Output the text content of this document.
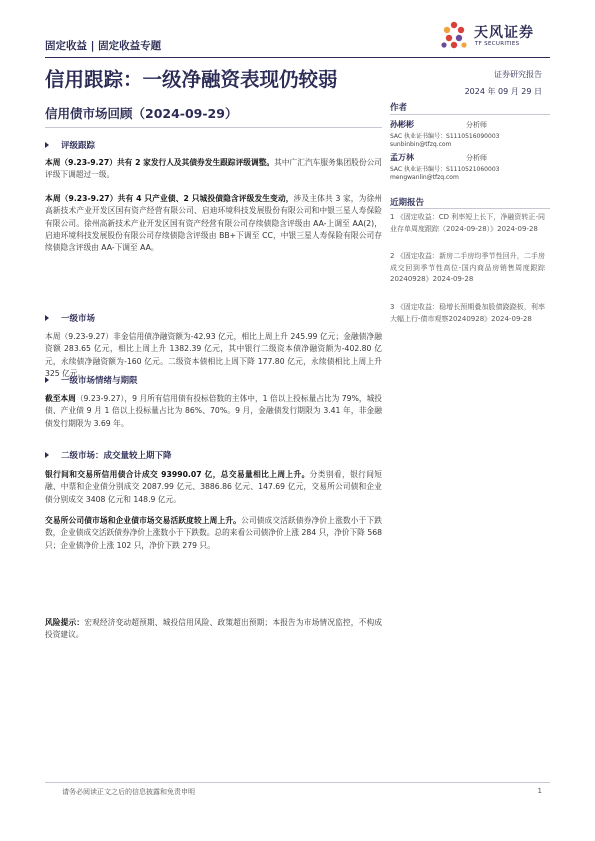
固定收益 | 固定收益专题
天风证券
TF SECURITIES
信用跟踪：一级净融资表现仍较弱
信用债市场回顾（2024-09-29）
证券研究报告
2024 年 09 月 29 日
作者
孙彬彬	分析师
SAC 执业证书编号：S1110516090003
sunbinbin@tfzq.com
孟万林	分析师
SAC 执业证书编号：S1110521060003
mengwanlin@tfzq.com
近期报告
1 《固定收益：CD 利率短上长下，净融资转正-同业存单周度跟踪（2024-09-28）》2024-09-28
2 《固定收益：新房二手房均季节性回升，二手房成交回到季节性高位-国内商品房销售周度跟踪 20240928》2024-09-28
3 《固定收益：稳增长预期叠加股债跷跷板，利率大幅上行-债市观察20240928》2024-09-28
评级跟踪
本周（9.23-9.27）共有 2 家发行人及其债券发生跟踪评级调整。其中广汇汽车服务集团股份公司评级下调超过一级。
本周（9.23-9.27）共有 4 只产业债、2 只城投债隐含评级发生变动，涉及主体共 3 家，为徐州高新技术产业开发区国有资产经营有限公司、启迪环境科技发展股份有限公司和中银三星人寿保险有限公司。徐州高新技术产业开发区国有资产经营有限公司存续债隐含评级由 AA-上调至 AA(2)，启迪环境科技发展股份有限公司存续债隐含评级由 BB+下调至 CC，中银三星人寿保险有限公司存续债隐含评级由 AA-下调至 AA。
一级市场
本周（9.23-9.27）非金信用债净融资额为-42.93 亿元，相比上周上升 245.99 亿元；金融债净融资额 283.65 亿元，相比上周上升 1382.39 亿元，其中银行二级资本债净融资额为-402.80 亿元，永续债净融资额为-160 亿元。二级资本债相比上周下降 177.80 亿元，永续债相比上周上升 325 亿元。
一级市场情绪与期限
截至本周（9.23-9.27），9 月所有信用债有投标倍数的主体中，1 倍以上投标量占比为 79%，城投债、产业债 9 月 1 倍以上投标量占比为 86%、70%。9 月，金融债发行期限为 3.41 年，非金融债发行期限为 3.69 年。
二级市场：成交量较上期下降
银行间和交易所信用债合计成交 93990.07 亿，总交易量相比上周上升。分类别看，银行间短融、中票和企业债分别成交 2087.99 亿元、3886.86 亿元、147.69 亿元，交易所公司债和企业债分别成交 3408 亿元和 148.9 亿元。
交易所公司债市场和企业债市场交易活跃度较上周上升。公司债成交活跃债券净价上涨数小于下跌数，企业债成交活跃债券净价上涨数小于下跌数。总的来看公司债净价上涨 284 只，净价下降 568 只；企业债净价上涨 102 只，净价下跌 279 只。
风险提示：宏观经济变动超预期、城投信用风险、政策超出预期；本报告为市场情况监控，不构成投资建议。
请务必阅读正文之后的信息披露和免责申明	1
